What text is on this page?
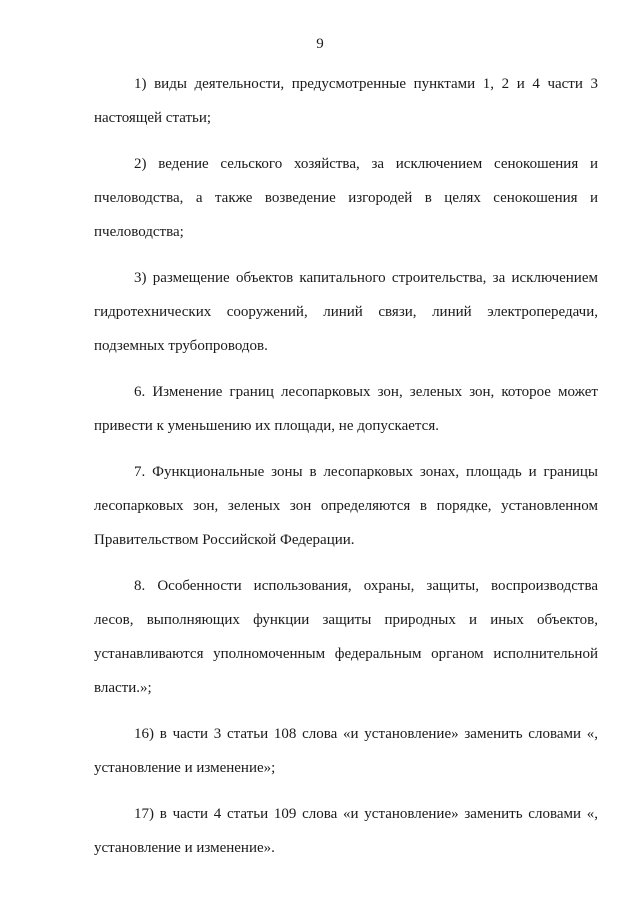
9

1) виды деятельности, предусмотренные пунктами 1, 2 и 4 части 3 настоящей статьи;

2) ведение сельского хозяйства, за исключением сенокошения и пчеловодства, а также возведение изгородей в целях сенокошения и пчеловодства;

3) размещение объектов капитального строительства, за исключением гидротехнических сооружений, линий связи, линий электропередачи, подземных трубопроводов.

6. Изменение границ лесопарковых зон, зеленых зон, которое может привести к уменьшению их площади, не допускается.

7. Функциональные зоны в лесопарковых зонах, площадь и границы лесопарковых зон, зеленых зон определяются в порядке, установленном Правительством Российской Федерации.

8. Особенности использования, охраны, защиты, воспроизводства лесов, выполняющих функции защиты природных и иных объектов, устанавливаются уполномоченным федеральным органом исполнительной власти.»;

16) в части 3 статьи 108 слова «и установление» заменить словами «, установление и изменение»;

17) в части 4 статьи 109 слова «и установление» заменить словами «, установление и изменение».
